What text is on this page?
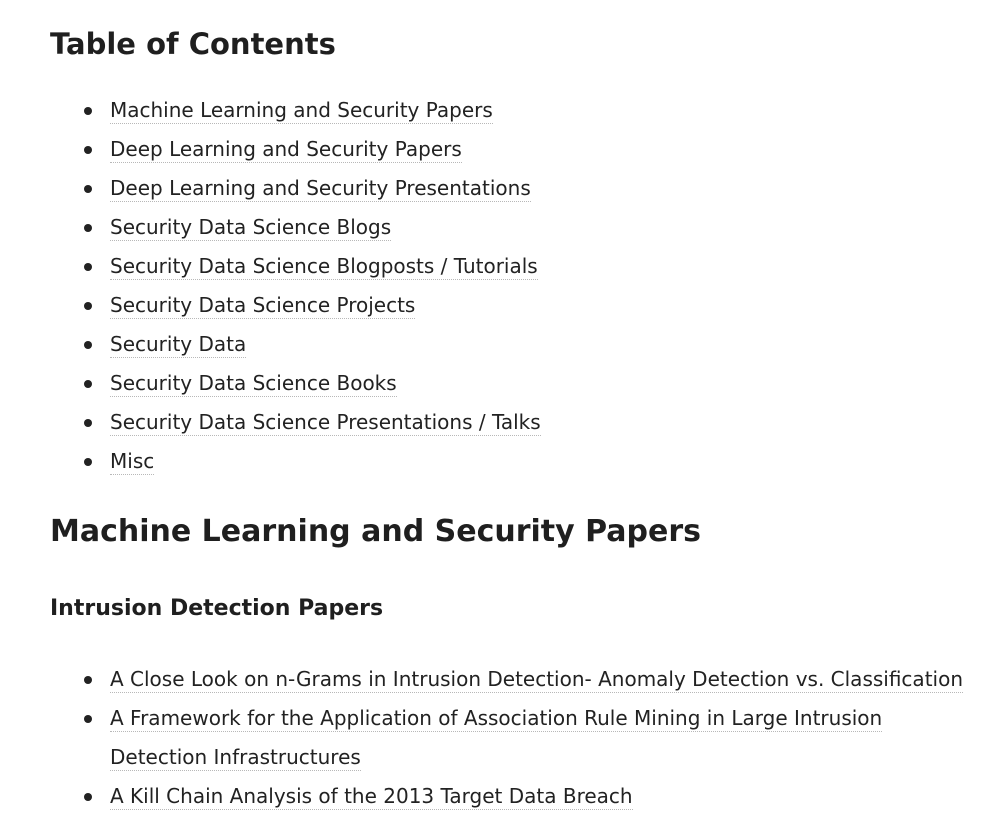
Table of Contents
Machine Learning and Security Papers
Deep Learning and Security Papers
Deep Learning and Security Presentations
Security Data Science Blogs
Security Data Science Blogposts / Tutorials
Security Data Science Projects
Security Data
Security Data Science Books
Security Data Science Presentations / Talks
Misc
Machine Learning and Security Papers
Intrusion Detection Papers
A Close Look on n-Grams in Intrusion Detection- Anomaly Detection vs. Classification
A Framework for the Application of Association Rule Mining in Large Intrusion Detection Infrastructures
A Kill Chain Analysis of the 2013 Target Data Breach
